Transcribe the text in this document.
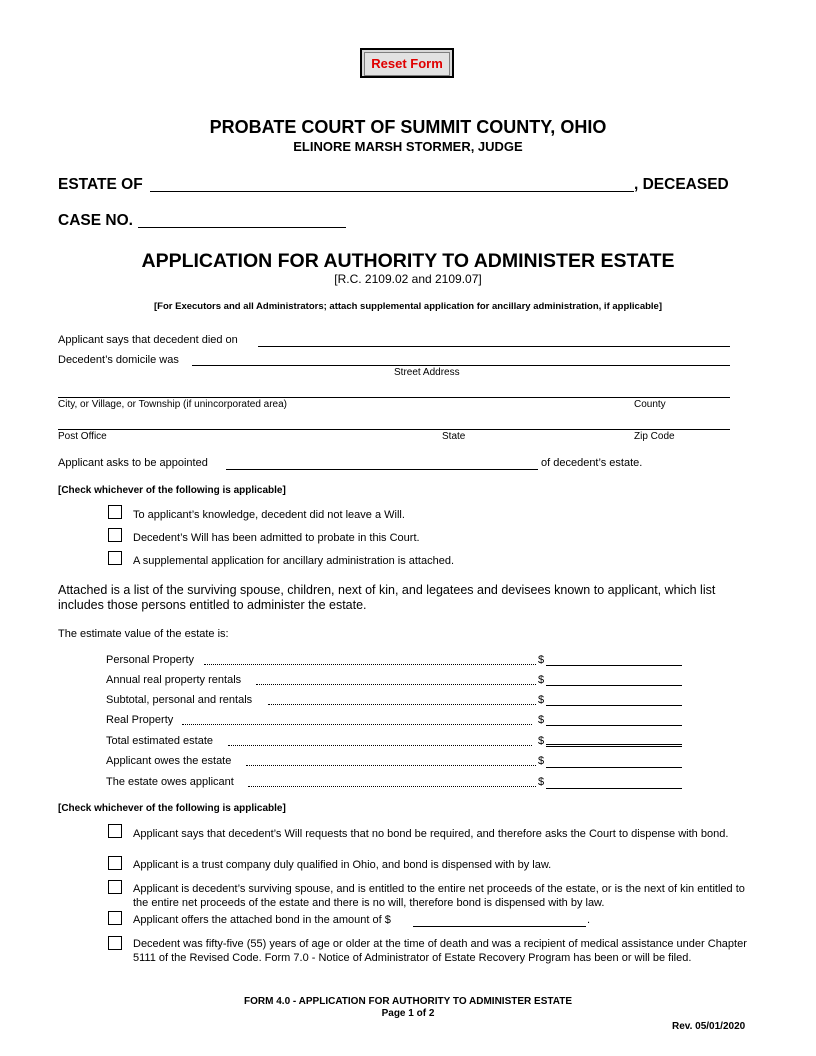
Reset Form
PROBATE COURT OF SUMMIT COUNTY, OHIO
ELINORE MARSH STORMER, JUDGE
ESTATE OF	, DECEASED
CASE NO.
APPLICATION FOR AUTHORITY TO ADMINISTER ESTATE
[R.C. 2109.02 and 2109.07]
[For Executors and all Administrators; attach supplemental application for ancillary administration, if applicable]
Applicant says that decedent died on
Decedent’s domicile was
Street Address
City, or Village, or Township (if unincorporated area)	County
Post Office	State	Zip Code
Applicant asks to be appointed	of decedent’s estate.
[Check whichever of the following is applicable]
To applicant’s knowledge, decedent did not leave a Will.
Decedent’s Will has been admitted to probate in this Court.
A supplemental application for ancillary administration is attached.
Attached is a list of the surviving spouse, children, next of kin, and legatees and devisees known to applicant, which list includes those persons entitled to administer the estate.
The estimate value of the estate is:
Personal Property	$
Annual real property rentals	$
Subtotal, personal and rentals	$
Real Property	$
Total estimated estate	$
Applicant owes the estate	$
The estate owes applicant	$
[Check whichever of the following is applicable]
Applicant says that decedent’s Will requests that no bond be required, and therefore asks the Court to dispense with bond.
Applicant is a trust company duly qualified in Ohio, and bond is dispensed with by law.
Applicant is decedent’s surviving spouse, and is entitled to the entire net proceeds of the estate, or is the next of kin entitled to the entire net proceeds of the estate and there is no will, therefore bond is dispensed with by law.
Applicant offers the attached bond in the amount of $	.
Decedent was fifty-five (55) years of age or older at the time of death and was a recipient of medical assistance under Chapter 5111 of the Revised Code. Form 7.0 - Notice of Administrator of Estate Recovery Program has been or will be filed.
FORM 4.0 - APPLICATION FOR AUTHORITY TO ADMINISTER ESTATE
Page 1 of 2
Rev. 05/01/2020
